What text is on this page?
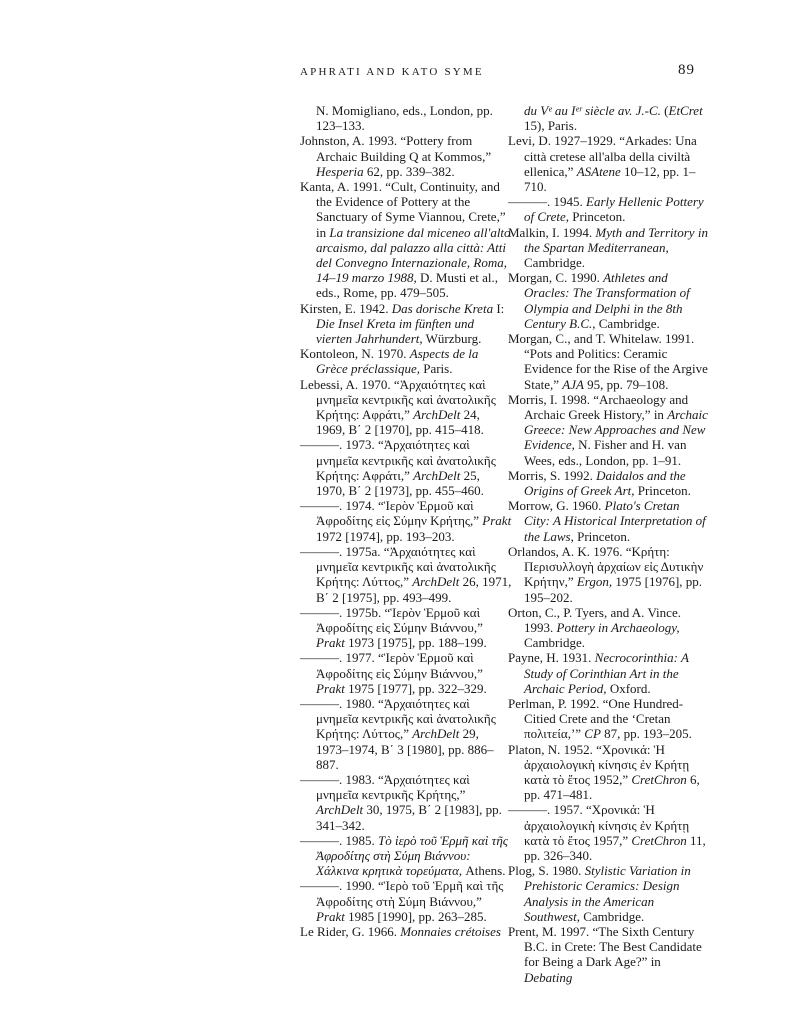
APHRATI AND KATO SYME	89

N. Momigliano, eds., London, pp. 123–133.

Johnston, A. 1993. “Pottery from Archaic Building Q at Kommos,” Hesperia 62, pp. 339–382.

Kanta, A. 1991. “Cult, Continuity, and the Evidence of Pottery at the Sanctuary of Syme Viannou, Crete,” in La transizione dal miceneo all'alto arcaismo, dal palazzo alla città: Atti del Convegno Internazionale, Roma, 14–19 marzo 1988, D. Musti et al., eds., Rome, pp. 479–505.

Kirsten, E. 1942. Das dorische Kreta I: Die Insel Kreta im fünften und vierten Jahrhundert, Würzburg.

Kontoleon, N. 1970. Aspects de la Grèce préclassique, Paris.

Lebessi, A. 1970. “Ἀρχαιότητες καὶ μνημεῖα κεντρικῆς καὶ ἀνατολικῆς Κρήτης: Αφράτι,” ArchDelt 24, 1969, Β΄ 2 [1970], pp. 415–418.

———. 1973. “Ἀρχαιότητες καὶ μνημεῖα κεντρικῆς καὶ ἀνατολικῆς Κρήτης: Αφράτι,” ArchDelt 25, 1970, Β΄ 2 [1973], pp. 455–460.

———. 1974. “Ἱερὸν Ἑρμοῦ καὶ Ἀφροδίτης εἰς Σύμην Κρήτης,” Prakt 1972 [1974], pp. 193–203.

———. 1975a. “Ἀρχαιότητες καὶ μνημεῖα κεντρικῆς καὶ ἀνατολικῆς Κρήτης: Λύττος,” ArchDelt 26, 1971, Β΄ 2 [1975], pp. 493–499.

———. 1975b. “Ἱερὸν Ἑρμοῦ καὶ Ἀφροδίτης εἰς Σύμην Βιάννου,” Prakt 1973 [1975], pp. 188–199.

———. 1977. “Ἱερὸν Ἑρμοῦ καὶ Ἀφροδίτης εἰς Σύμην Βιάννου,” Prakt 1975 [1977], pp. 322–329.

———. 1980. “Ἀρχαιότητες καὶ μνημεῖα κεντρικῆς καὶ ἀνατολικῆς Κρήτης: Λύττος,” ArchDelt 29, 1973–1974, Β΄ 3 [1980], pp. 886–887.

———. 1983. “Ἀρχαιότητες καὶ μνημεῖα κεντρικῆς Κρήτης,” ArchDelt 30, 1975, Β΄ 2 [1983], pp. 341–342.

———. 1985. Τὸ ἱερὸ τοῦ Ἑρμῆ καὶ τῆς Ἀφροδίτης στὴ Σύμη Βιάννου: Χάλκινα κρητικὰ τορεύματα, Athens.

———. 1990. “Ἱερὸ τοῦ Ἑρμῆ καὶ τῆς Ἀφροδίτης στὴ Σύμη Βιάννου,” Prakt 1985 [1990], pp. 263–285.

Le Rider, G. 1966. Monnaies crétoises

du Vᵉ au Iᵉʳ siècle av. J.-C. (EtCret 15), Paris.

Levi, D. 1927–1929. “Arkades: Una città cretese all'alba della civiltà ellenica,” ASAtene 10–12, pp. 1–710.

———. 1945. Early Hellenic Pottery of Crete, Princeton.

Malkin, I. 1994. Myth and Territory in the Spartan Mediterranean, Cambridge.

Morgan, C. 1990. Athletes and Oracles: The Transformation of Olympia and Delphi in the 8th Century B.C., Cambridge.

Morgan, C., and T. Whitelaw. 1991. “Pots and Politics: Ceramic Evidence for the Rise of the Argive State,” AJA 95, pp. 79–108.

Morris, I. 1998. “Archaeology and Archaic Greek History,” in Archaic Greece: New Approaches and New Evidence, N. Fisher and H. van Wees, eds., London, pp. 1–91.

Morris, S. 1992. Daidalos and the Origins of Greek Art, Princeton.

Morrow, G. 1960. Plato's Cretan City: A Historical Interpretation of the Laws, Princeton.

Orlandos, A. K. 1976. “Κρήτη: Περισυλλογὴ ἀρχαίων εἰς Δυτικὴν Κρήτην,” Ergon, 1975 [1976], pp. 195–202.

Orton, C., P. Tyers, and A. Vince. 1993. Pottery in Archaeology, Cambridge.

Payne, H. 1931. Necrocorinthia: A Study of Corinthian Art in the Archaic Period, Oxford.

Perlman, P. 1992. “One Hundred-Citied Crete and the ‘Cretan πολιτεία,’” CP 87, pp. 193–205.

Platon, N. 1952. “Χρονικά: Ἡ ἀρχαιολογικὴ κίνησις ἐν Κρήτῃ κατὰ τὸ ἔτος 1952,” CretChron 6, pp. 471–481.

———. 1957. “Χρονικά: Ἡ ἀρχαιολογικὴ κίνησις ἐν Κρήτῃ κατὰ τὸ ἔτος 1957,” CretChron 11, pp. 326–340.

Plog, S. 1980. Stylistic Variation in Prehistoric Ceramics: Design Analysis in the American Southwest, Cambridge.

Prent, M. 1997. “The Sixth Century B.C. in Crete: The Best Candidate for Being a Dark Age?” in Debating
